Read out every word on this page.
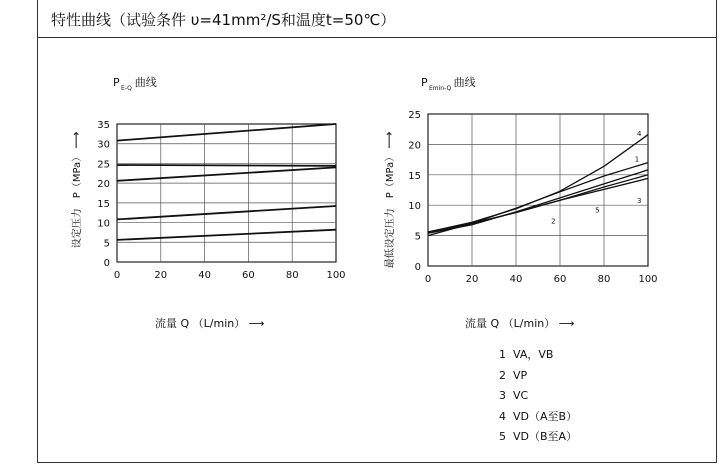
特性曲线（试验条件 υ=41mm²/S和温度t=50℃）
0	20	40	60	80	100
0
5
10
15
20
25
30
35
P E-Q 曲线
设定压力　P（MPa）
⟶
流量 Q （L/min） ⟶
0	20	40	60	80	100
0
5
10
15
20
25
P Emin-Q 曲线
最低设定压力　P（MPa）
⟶
流量 Q （L/min） ⟶
1
2
3
4
5
1 VA，VB
2 VP
3 VC
4 VD（A至B）
5 VD（B至A）
